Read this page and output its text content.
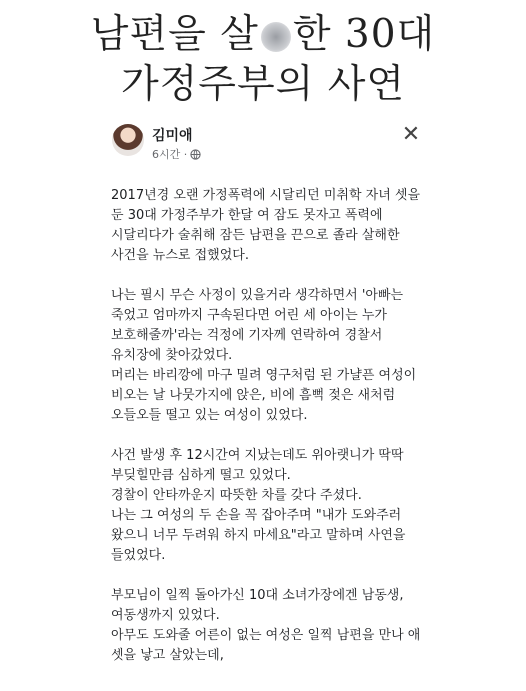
남편을 살 한 30대
가정주부의 사연
김미애
6시간 ·
✕

2017년경 오랜 가정폭력에 시달리던 미취학 자녀 셋을
둔 30대 가정주부가 한달 여 잠도 못자고 폭력에
시달리다가 술취해 잠든 남편을 끈으로 졸라 살해한
사건을 뉴스로 접했었다.

나는 필시 무슨 사정이 있을거라 생각하면서 '아빠는
죽었고 엄마까지 구속된다면 어린 세 아이는 누가
보호해줄까'라는 걱정에 기자께 연락하여 경찰서
유치장에 찾아갔었다.
머리는 바리깡에 마구 밀려 영구처럼 된 가냘픈 여성이
비오는 날 나뭇가지에 앉은, 비에 흠뻑 젖은 새처럼
오들오들 떨고 있는 여성이 있었다.

사건 발생 후 12시간여 지났는데도 위아랫니가 딱딱
부딪힐만큼 심하게 떨고 있었다.
경찰이 안타까운지 따뜻한 차를 갖다 주셨다.
나는 그 여성의 두 손을 꼭 잡아주며 "내가 도와주러
왔으니 너무 두려워 하지 마세요"라고 말하며 사연을
들었었다.

부모님이 일찍 돌아가신 10대 소녀가장에겐 남동생,
여동생까지 있었다.
아무도 도와줄 어른이 없는 여성은 일찍 남편을 만나 애
셋을 낳고 살았는데,
